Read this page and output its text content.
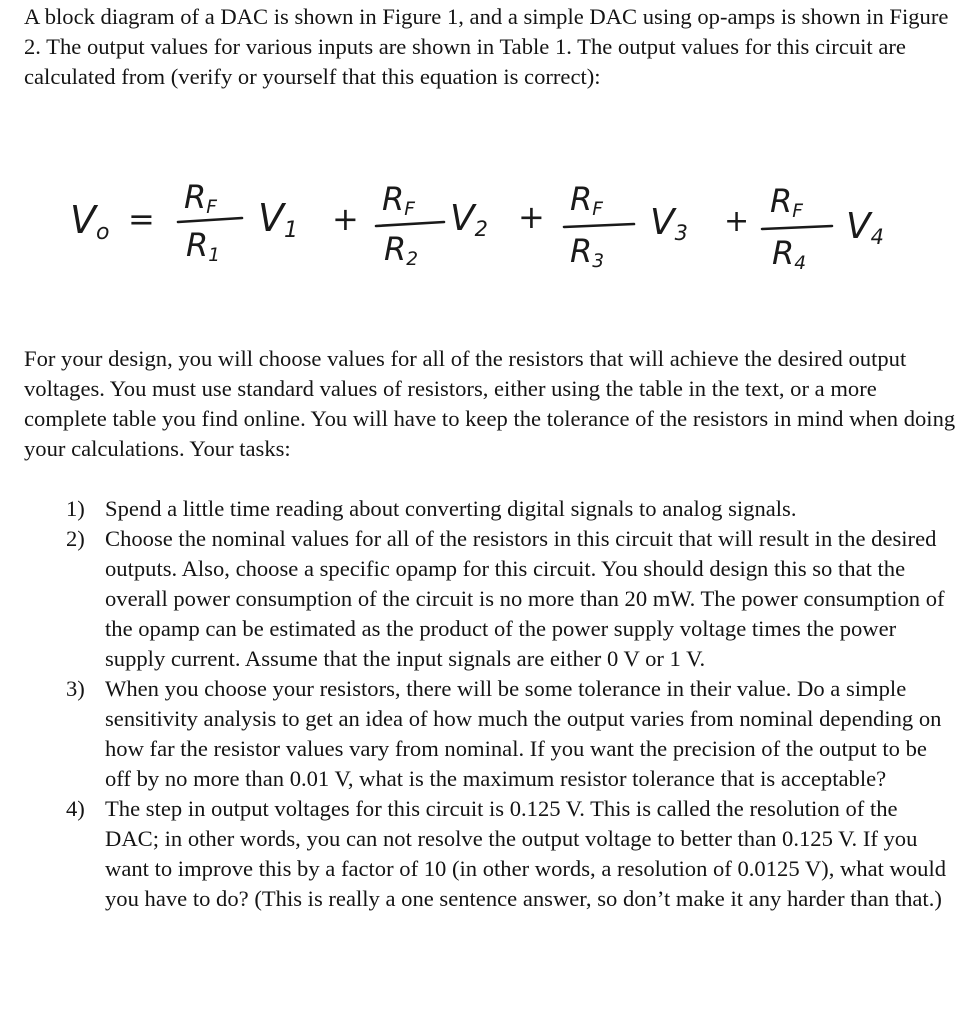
A block diagram of a DAC is shown in Figure 1, and a simple DAC using op-amps is shown in Figure 2. The output values for various inputs are shown in Table 1. The output values for this circuit are calculated from (verify or yourself that this equation is correct):

Vo =
RF
R1
V1 +
RF
R2
V2 + RF
R3
V3 +
RF
R4
V4

For your design, you will choose values for all of the resistors that will achieve the desired output voltages. You must use standard values of resistors, either using the table in the text, or a more complete table you find online. You will have to keep the tolerance of the resistors in mind when doing your calculations. Your tasks:

1) Spend a little time reading about converting digital signals to analog signals.
2) Choose the nominal values for all of the resistors in this circuit that will result in the desired outputs. Also, choose a specific opamp for this circuit. You should design this so that the overall power consumption of the circuit is no more than 20 mW. The power consumption of the opamp can be estimated as the product of the power supply voltage times the power supply current. Assume that the input signals are either 0 V or 1 V.
3) When you choose your resistors, there will be some tolerance in their value. Do a simple sensitivity analysis to get an idea of how much the output varies from nominal depending on how far the resistor values vary from nominal. If you want the precision of the output to be off by no more than 0.01 V, what is the maximum resistor tolerance that is acceptable?
4) The step in output voltages for this circuit is 0.125 V. This is called the resolution of the DAC; in other words, you can not resolve the output voltage to better than 0.125 V. If you want to improve this by a factor of 10 (in other words, a resolution of 0.0125 V), what would you have to do? (This is really a one sentence answer, so don’t make it any harder than that.)
